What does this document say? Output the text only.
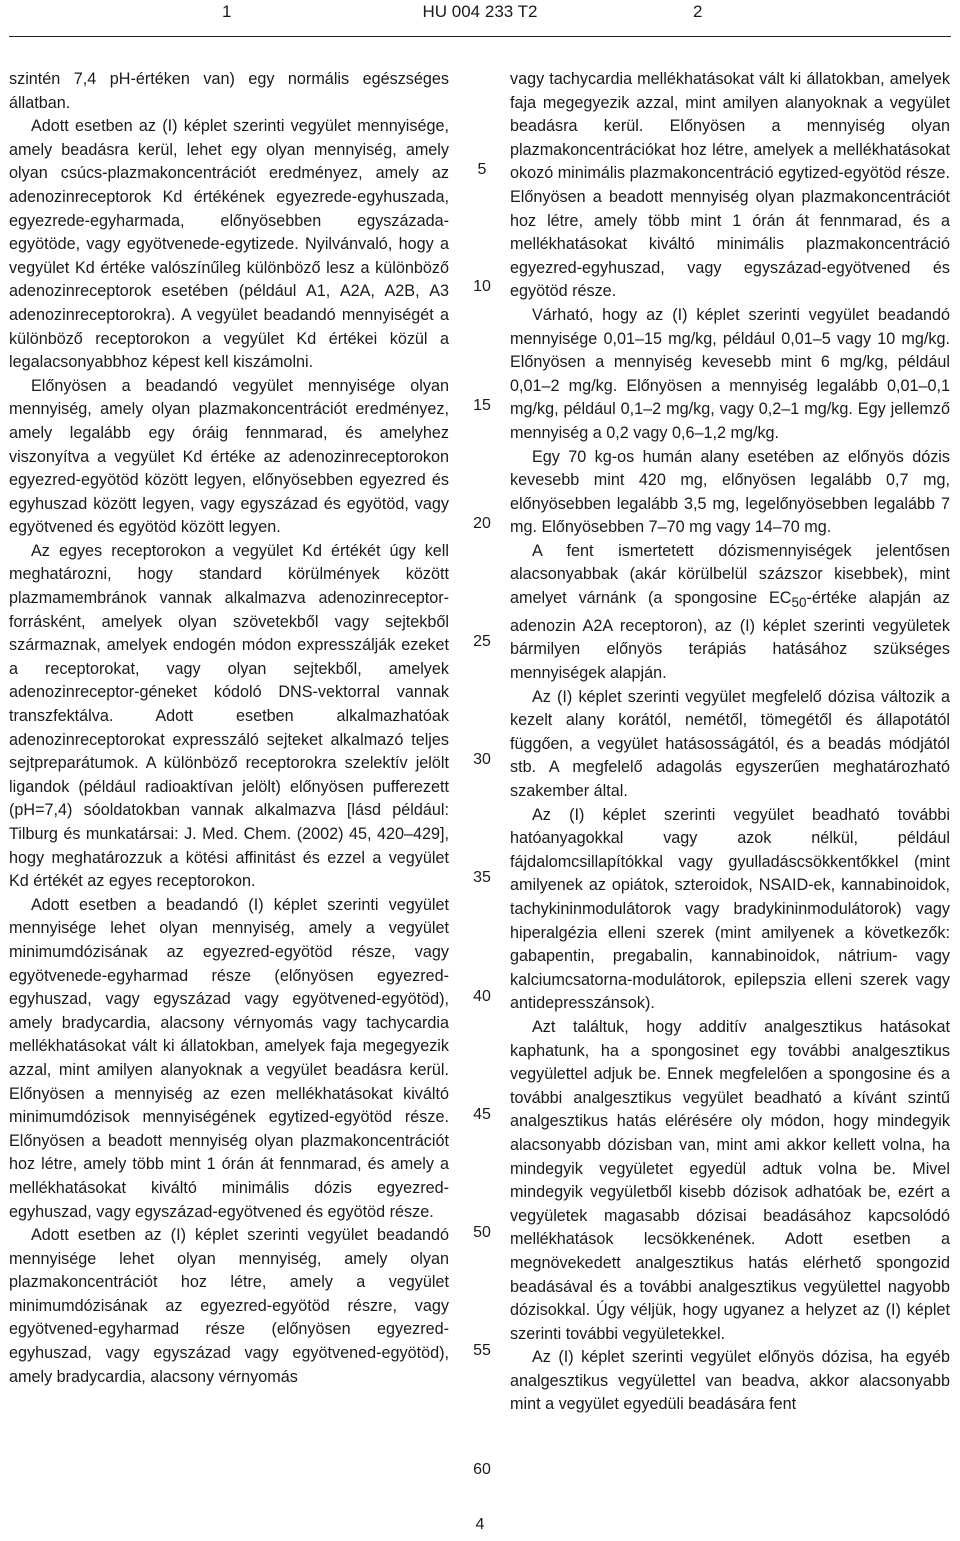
1	HU 004 233 T2	2

szintén 7,4 pH-értéken van) egy normális egészséges állatban.

Adott esetben az (I) képlet szerinti vegyület mennyisége, amely beadásra kerül, lehet egy olyan mennyiség, amely olyan csúcs-plazmakoncentrációt eredményez, amely az adenozinreceptorok Kd értékének egyezrede-egyhuszada, egyezrede-egyharmada, előnyösebben egyszázada-egyötöde, vagy egyötvenede-egytizede. Nyilvánvaló, hogy a vegyület Kd értéke valószínűleg különböző lesz a különböző adenozinreceptorok esetében (például A1, A2A, A2B, A3 adenozinreceptorokra). A vegyület beadandó mennyiségét a különböző receptorokon a vegyület Kd értékei közül a legalacsonyabbhoz képest kell kiszámolni.

Előnyösen a beadandó vegyület mennyisége olyan mennyiség, amely olyan plazmakoncentrációt eredményez, amely legalább egy óráig fennmarad, és amelyhez viszonyítva a vegyület Kd értéke az adenozinreceptorokon egyezred-egyötöd között legyen, előnyösebben egyezred és egyhuszad között legyen, vagy egyszázad és egyötöd, vagy egyötvened és egyötöd között legyen.

Az egyes receptorokon a vegyület Kd értékét úgy kell meghatározni, hogy standard körülmények között plazmamembránok vannak alkalmazva adenozinreceptor-forrásként, amelyek olyan szövetekből vagy sejtekből származnak, amelyek endogén módon expresszálják ezeket a receptorokat, vagy olyan sejtekből, amelyek adenozinreceptor-géneket kódoló DNS-vektorral vannak transzfektálva. Adott esetben alkalmazhatóak adenozinreceptorokat expresszáló sejteket alkalmazó teljes sejtpreparátumok. A különböző receptorokra szelektív jelölt ligandok (például radioaktívan jelölt) előnyösen pufferezett (pH=7,4) sóoldatokban vannak alkalmazva [lásd például: Tilburg és munkatársai: J. Med. Chem. (2002) 45, 420–429], hogy meghatározzuk a kötési affinitást és ezzel a vegyület Kd értékét az egyes receptorokon.

Adott esetben a beadandó (I) képlet szerinti vegyület mennyisége lehet olyan mennyiség, amely a vegyület minimumdózisának az egyezred-egyötöd része, vagy egyötvenede-egyharmad része (előnyösen egyezred-egyhuszad, vagy egyszázad vagy egyötvened-egyötöd), amely bradycardia, alacsony vérnyomás vagy tachycardia mellékhatásokat vált ki állatokban, amelyek faja megegyezik azzal, mint amilyen alanyoknak a vegyület beadásra kerül. Előnyösen a mennyiség az ezen mellékhatásokat kiváltó minimumdózisok mennyiségének egytized-egyötöd része. Előnyösen a beadott mennyiség olyan plazmakoncentrációt hoz létre, amely több mint 1 órán át fennmarad, és amely a mellékhatásokat kiváltó minimális dózis egyezred-egyhuszad, vagy egyszázad-egyötvened és egyötöd része.

Adott esetben az (I) képlet szerinti vegyület beadandó mennyisége lehet olyan mennyiség, amely olyan plazmakoncentrációt hoz létre, amely a vegyület minimumdózisának az egyezred-egyötöd részre, vagy egyötvened-egyharmad része (előnyösen egyezred-egyhuszad, vagy egyszázad vagy egyötvened-egyötöd), amely bradycardia, alacsony vérnyomás

5
10
15
20
25
30
35
40
45
50
55
60

vagy tachycardia mellékhatásokat vált ki állatokban, amelyek faja megegyezik azzal, mint amilyen alanyoknak a vegyület beadásra kerül. Előnyösen a mennyiség olyan plazmakoncentrációkat hoz létre, amelyek a mellékhatásokat okozó minimális plazmakoncentráció egytized-egyötöd része. Előnyösen a beadott mennyiség olyan plazmakoncentrációt hoz létre, amely több mint 1 órán át fennmarad, és a mellékhatásokat kiváltó minimális plazmakoncentráció egyezred-egyhuszad, vagy egyszázad-egyötvened és egyötöd része.

Várható, hogy az (I) képlet szerinti vegyület beadandó mennyisége 0,01–15 mg/kg, például 0,01–5 vagy 10 mg/kg. Előnyösen a mennyiség kevesebb mint 6 mg/kg, például 0,01–2 mg/kg. Előnyösen a mennyiség legalább 0,01–0,1 mg/kg, például 0,1–2 mg/kg, vagy 0,2–1 mg/kg. Egy jellemző mennyiség a 0,2 vagy 0,6–1,2 mg/kg.

Egy 70 kg-os humán alany esetében az előnyös dózis kevesebb mint 420 mg, előnyösen legalább 0,7 mg, előnyösebben legalább 3,5 mg, legelőnyösebben legalább 7 mg. Előnyösebben 7–70 mg vagy 14–70 mg.

A fent ismertetett dózismennyiségek jelentősen alacsonyabbak (akár körülbelül százszor kisebbek), mint amelyet várnánk (a spongosine $EC_{50}$-értéke alapján az adenozin A2A receptoron), az (I) képlet szerinti vegyületek bármilyen előnyös terápiás hatásához szükséges mennyiségek alapján.

Az (I) képlet szerinti vegyület megfelelő dózisa változik a kezelt alany korától, nemétől, tömegétől és állapotától függően, a vegyület hatásosságától, és a beadás módjától stb. A megfelelő adagolás egyszerűen meghatározható szakember által.

Az (I) képlet szerinti vegyület beadható további hatóanyagokkal vagy azok nélkül, például fájdalomcsillapítókkal vagy gyulladáscsökkentőkkel (mint amilyenek az opiátok, szteroidok, NSAID-ek, kannabinoidok, tachykininmodulátorok vagy bradykininmodulátorok) vagy hiperalgézia elleni szerek (mint amilyenek a következők: gabapentin, pregabalin, kannabinoidok, nátrium- vagy kalciumcsatorna-modulátorok, epilepszia elleni szerek vagy antidepresszánsok).

Azt találtuk, hogy additív analgesztikus hatásokat kaphatunk, ha a spongosinet egy további analgesztikus vegyülettel adjuk be. Ennek megfelelően a spongosine és a további analgesztikus vegyület beadható a kívánt szintű analgesztikus hatás elérésére oly módon, hogy mindegyik alacsonyabb dózisban van, mint ami akkor kellett volna, ha mindegyik vegyületet egyedül adtuk volna be. Mivel mindegyik vegyületből kisebb dózisok adhatóak be, ezért a vegyületek magasabb dózisai beadásához kapcsolódó mellékhatások lecsökkenének. Adott esetben a megnövekedett analgesztikus hatás elérhető spongozid beadásával és a további analgesztikus vegyülettel nagyobb dózisokkal. Úgy véljük, hogy ugyanez a helyzet az (I) képlet szerinti további vegyületekkel.

Az (I) képlet szerinti vegyület előnyös dózisa, ha egyéb analgesztikus vegyülettel van beadva, akkor alacsonyabb mint a vegyület egyedüli beadására fent

4
